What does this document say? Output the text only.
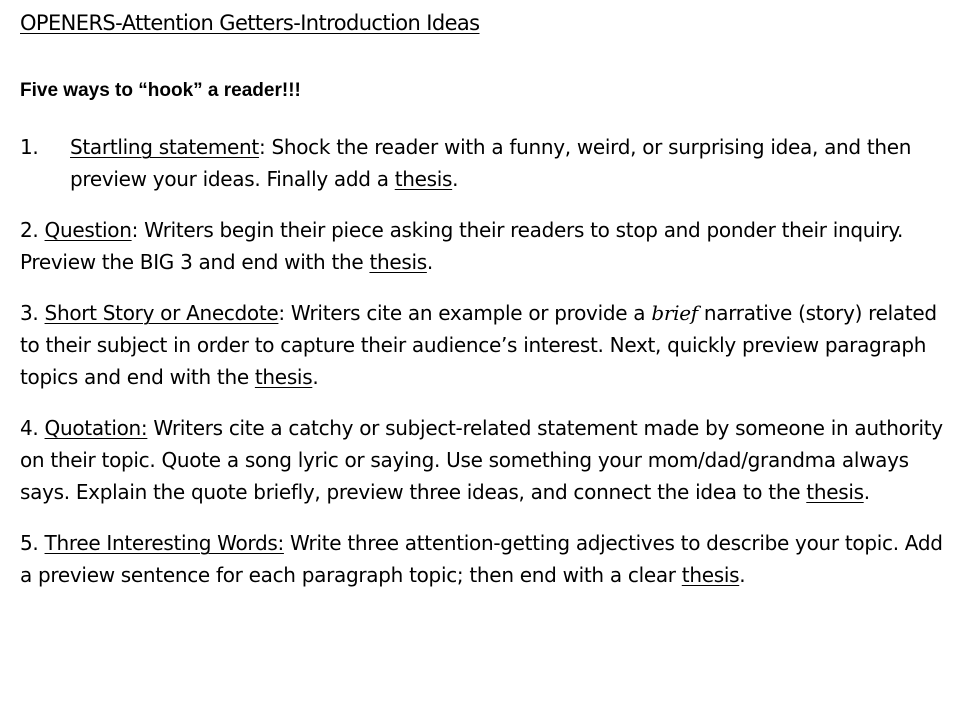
OPENERS-Attention Getters-Introduction Ideas

Five ways to “hook” a reader!!!

1. Startling statement: Shock the reader with a funny, weird, or surprising idea, and then preview your ideas. Finally add a thesis.

2. Question: Writers begin their piece asking their readers to stop and ponder their inquiry. Preview the BIG 3 and end with the thesis.

3. Short Story or Anecdote: Writers cite an example or provide a brief narrative (story) related to their subject in order to capture their audience’s interest. Next, quickly preview paragraph topics and end with the thesis.

4. Quotation: Writers cite a catchy or subject-related statement made by someone in authority on their topic. Quote a song lyric or saying. Use something your mom/dad/grandma always says. Explain the quote briefly, preview three ideas, and connect the idea to the thesis.

5. Three Interesting Words: Write three attention-getting adjectives to describe your topic. Add a preview sentence for each paragraph topic; then end with a clear thesis.
